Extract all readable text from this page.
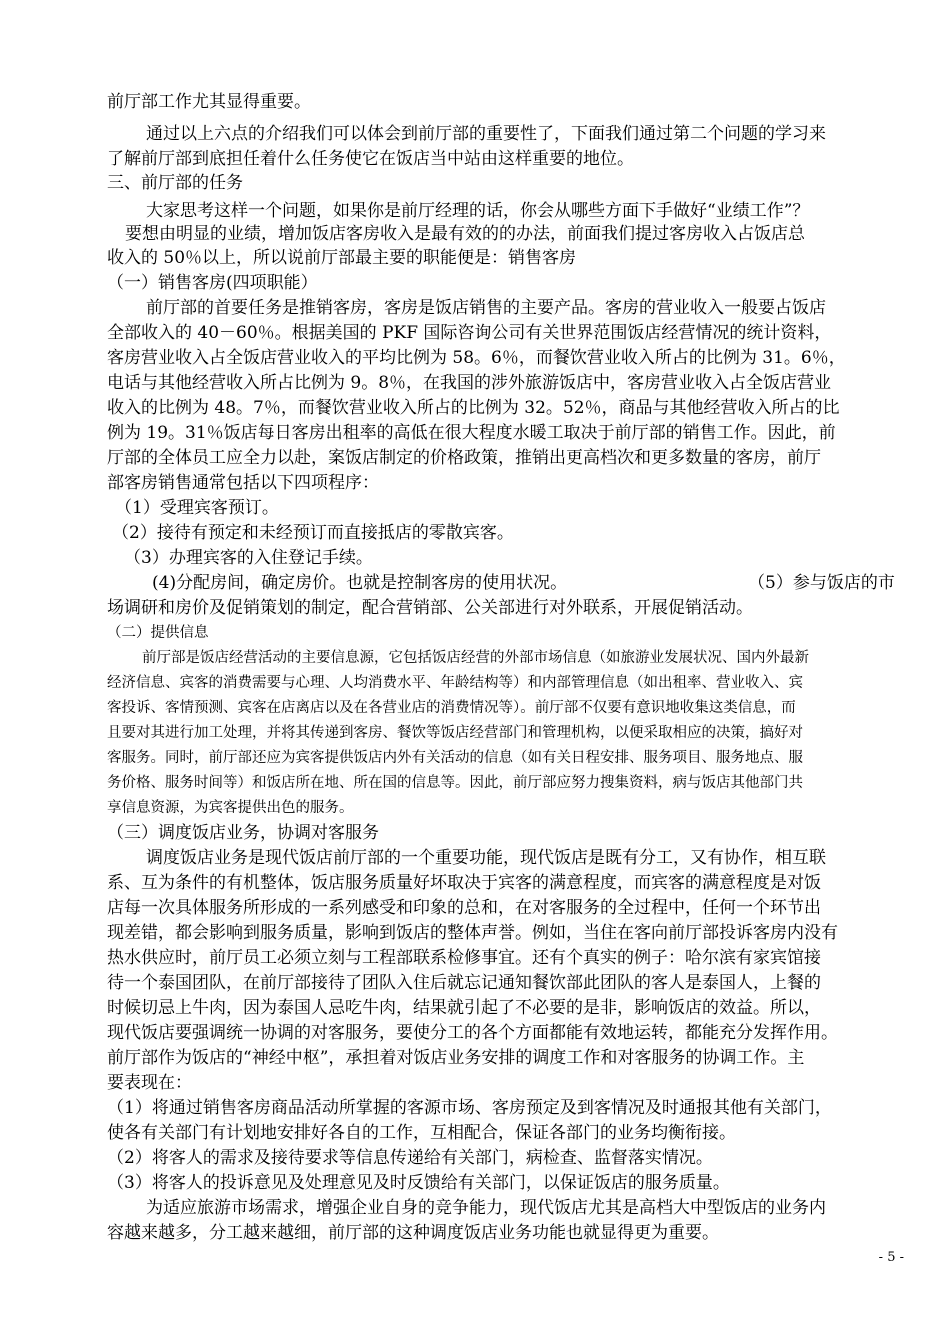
前厅部工作尤其显得重要。
通过以上六点的介绍我们可以体会到前厅部的重要性了，下面我们通过第二个问题的学习来
了解前厅部到底担任着什么任务使它在饭店当中站由这样重要的地位。
三、前厅部的任务
大家思考这样一个问题，如果你是前厅经理的话，你会从哪些方面下手做好“业绩工作”？
要想由明显的业绩，增加饭店客房收入是最有效的的办法，前面我们提过客房收入占饭店总
收入的 50％以上，所以说前厅部最主要的职能便是：销售客房
（一）销售客房(四项职能）
前厅部的首要任务是推销客房，客房是饭店销售的主要产品。客房的营业收入一般要占饭店
全部收入的 40－60％。根据美国的 PKF 国际咨询公司有关世界范围饭店经营情况的统计资料，
客房营业收入占全饭店营业收入的平均比例为 58。6％，而餐饮营业收入所占的比例为 31。6％，
电话与其他经营收入所占比例为 9。8％，在我国的涉外旅游饭店中，客房营业收入占全饭店营业
收入的比例为 48。7％，而餐饮营业收入所占的比例为 32。52％，商品与其他经营收入所占的比
例为 19。31％饭店每日客房出租率的高低在很大程度水暖工取决于前厅部的销售工作。因此，前
厅部的全体员工应全力以赴，案饭店制定的价格政策，推销出更高档次和更多数量的客房，前厅
部客房销售通常包括以下四项程序：
（1）受理宾客预订。
（2）接待有预定和未经预订而直接抵店的零散宾客。
（3）办理宾客的入住登记手续。
(4)分配房间，确定房价。也就是控制客房的使用状况。	（5）参与饭店的市
场调研和房价及促销策划的制定，配合营销部、公关部进行对外联系，开展促销活动。
（二）提供信息
前厅部是饭店经营活动的主要信息源，它包括饭店经营的外部市场信息（如旅游业发展状况、国内外最新
经济信息、宾客的消费需要与心理、人均消费水平、年龄结构等）和内部管理信息（如出租率、营业收入、宾
客投诉、客情预测、宾客在店离店以及在各营业店的消费情况等）。前厅部不仅要有意识地收集这类信息，而
且要对其进行加工处理，并将其传递到客房、餐饮等饭店经营部门和管理机构，以便采取相应的决策，搞好对
客服务。同时，前厅部还应为宾客提供饭店内外有关活动的信息（如有关日程安排、服务项目、服务地点、服
务价格、服务时间等）和饭店所在地、所在国的信息等。因此，前厅部应努力搜集资料，病与饭店其他部门共
享信息资源，为宾客提供出色的服务。
（三）调度饭店业务，协调对客服务
调度饭店业务是现代饭店前厅部的一个重要功能，现代饭店是既有分工，又有协作，相互联
系、互为条件的有机整体，饭店服务质量好坏取决于宾客的满意程度，而宾客的满意程度是对饭
店每一次具体服务所形成的一系列感受和印象的总和，在对客服务的全过程中，任何一个环节出
现差错，都会影响到服务质量，影响到饭店的整体声誉。例如，当住在客向前厅部投诉客房内没有
热水供应时，前厅员工必须立刻与工程部联系检修事宜。还有个真实的例子：哈尔滨有家宾馆接
待一个泰国团队，在前厅部接待了团队入住后就忘记通知餐饮部此团队的客人是泰国人，上餐的
时候切忌上牛肉，因为泰国人忌吃牛肉，结果就引起了不必要的是非，影响饭店的效益。所以，
现代饭店要强调统一协调的对客服务，要使分工的各个方面都能有效地运转，都能充分发挥作用。
前厅部作为饭店的“神经中枢”，承担着对饭店业务安排的调度工作和对客服务的协调工作。主
要表现在：
（1）将通过销售客房商品活动所掌握的客源市场、客房预定及到客情况及时通报其他有关部门，
使各有关部门有计划地安排好各自的工作，互相配合，保证各部门的业务均衡衔接。
（2）将客人的需求及接待要求等信息传递给有关部门，病检查、监督落实情况。
（3）将客人的投诉意见及处理意见及时反馈给有关部门，以保证饭店的服务质量。
为适应旅游市场需求，增强企业自身的竞争能力，现代饭店尤其是高档大中型饭店的业务内
容越来越多，分工越来越细，前厅部的这种调度饭店业务功能也就显得更为重要。
- 5 -
